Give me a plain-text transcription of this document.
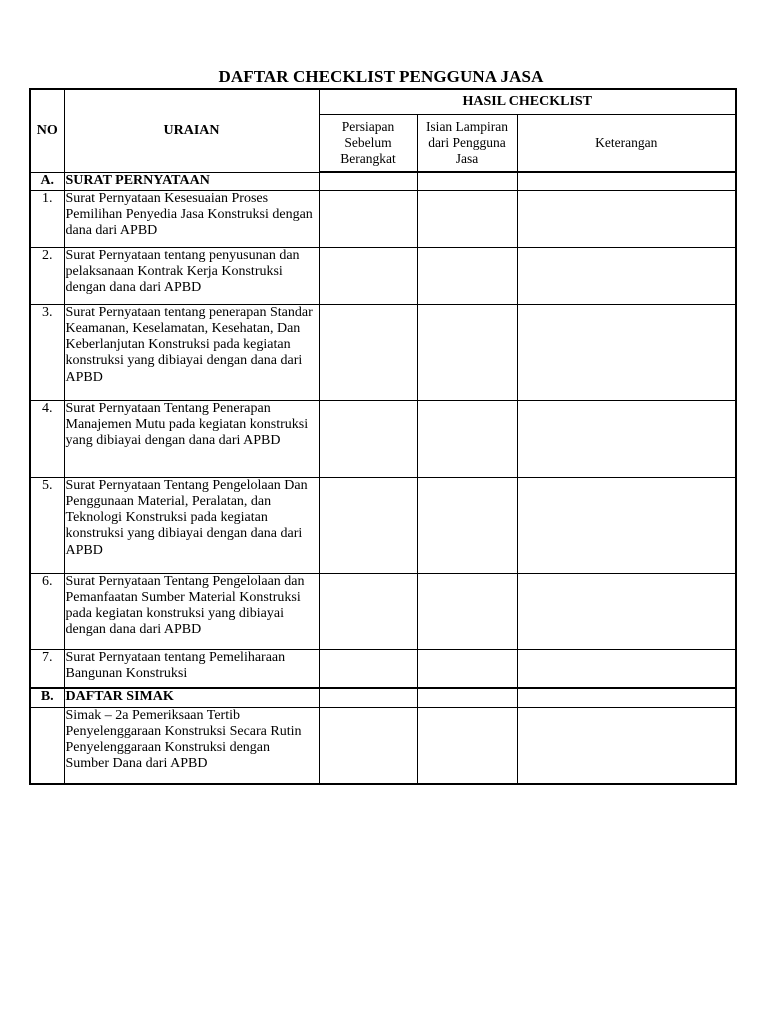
DAFTAR CHECKLIST PENGGUNA JASA
NO	URAIAN	HASIL CHECKLIST		
		Persiapan Sebelum Berangkat	Isian Lampiran dari Pengguna Jasa	Keterangan
A.	SURAT PERNYATAAN			
1.	Surat Pernyataan Kesesuaian Proses Pemilihan Penyedia Jasa Konstruksi dengan dana dari APBD			
2.	Surat Pernyataan tentang penyusunan dan pelaksanaan Kontrak Kerja Konstruksi dengan dana dari APBD			
3.	Surat Pernyataan tentang penerapan Standar Keamanan, Keselamatan, Kesehatan, Dan Keberlanjutan Konstruksi pada kegiatan konstruksi yang dibiayai dengan dana dari APBD			
4.	Surat Pernyataan Tentang Penerapan Manajemen Mutu pada kegiatan konstruksi yang dibiayai dengan dana dari APBD			
5.	Surat Pernyataan Tentang Pengelolaan Dan Penggunaan Material, Peralatan, dan Teknologi Konstruksi pada kegiatan konstruksi yang dibiayai dengan dana dari APBD			
6.	Surat Pernyataan Tentang Pengelolaan dan Pemanfaatan Sumber Material Konstruksi pada kegiatan konstruksi yang dibiayai dengan dana dari APBD			
7.	Surat Pernyataan tentang Pemeliharaan Bangunan Konstruksi			
B.	DAFTAR SIMAK			
	Simak – 2a Pemeriksaan Tertib Penyelenggaraan Konstruksi Secara Rutin Penyelenggaraan Konstruksi dengan Sumber Dana dari APBD			
